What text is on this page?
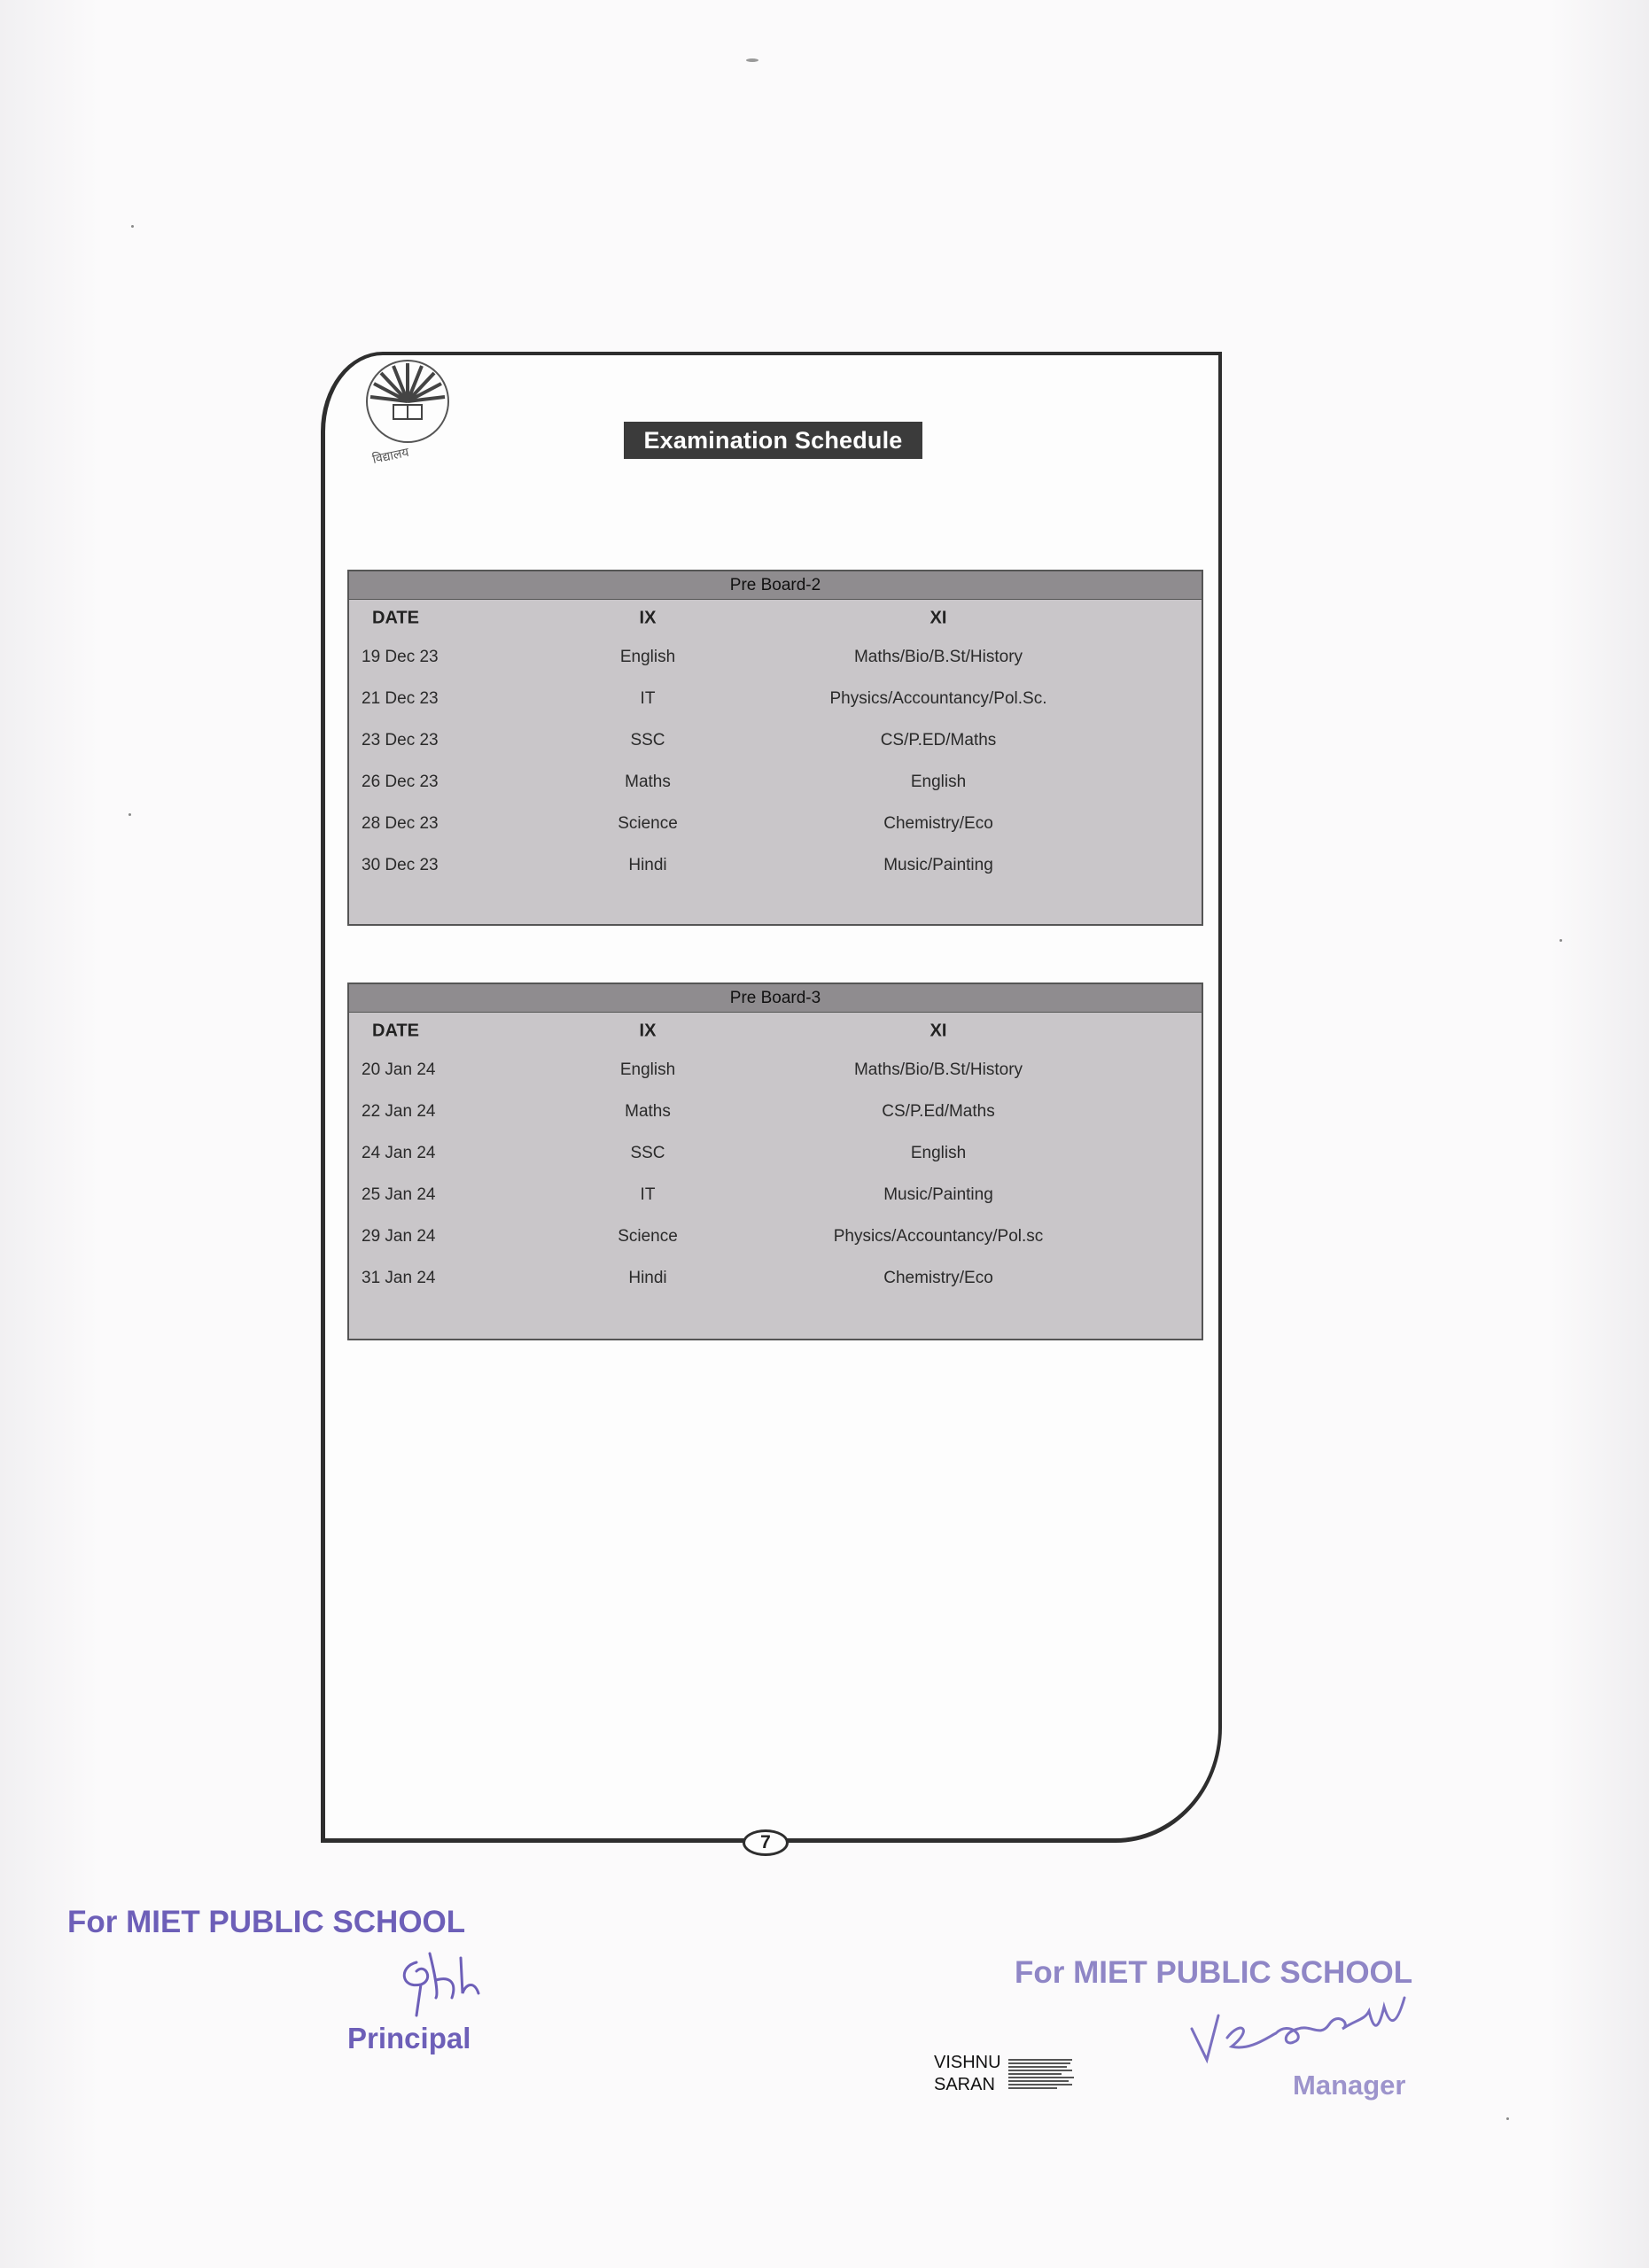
विद्यालय
Examination Schedule
Pre Board-2
DATE	IX	XI
19 Dec 23	English	Maths/Bio/B.St/History
21 Dec 23	IT	Physics/Accountancy/Pol.Sc.
23 Dec 23	SSC	CS/P.ED/Maths
26 Dec 23	Maths	English
28 Dec 23	Science	Chemistry/Eco
30 Dec 23	Hindi	Music/Painting
Pre Board-3
DATE	IX	XI
20 Jan 24	English	Maths/Bio/B.St/History
22 Jan 24	Maths	CS/P.Ed/Maths
24 Jan 24	SSC	English
25 Jan 24	IT	Music/Painting
29 Jan 24	Science	Physics/Accountancy/Pol.sc
31 Jan 24	Hindi	Chemistry/Eco
7
For MIET PUBLIC SCHOOL
Principal
VISHNU
SARAN
For MIET PUBLIC SCHOOL
Manager
